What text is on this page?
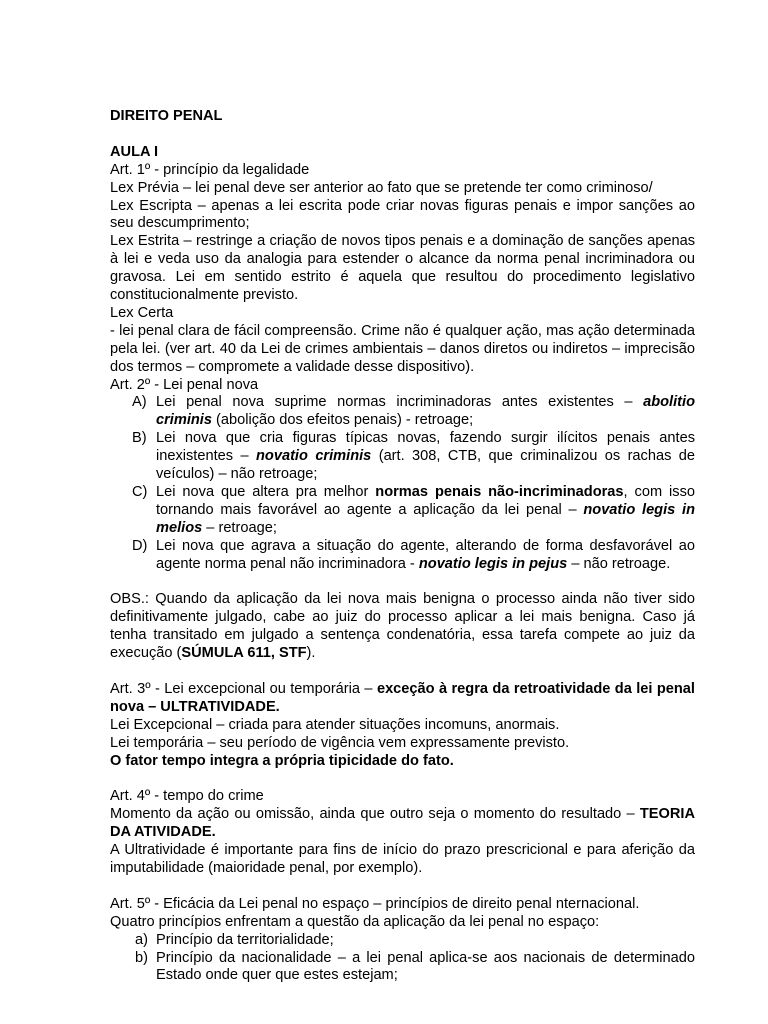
DIREITO PENAL

AULA I

Art. 1º - princípio da legalidade

Lex Prévia – lei penal deve ser anterior ao fato que se pretende ter como criminoso/

Lex Escripta – apenas a lei escrita pode criar novas figuras penais e impor sanções ao seu descumprimento;

Lex Estrita – restringe a criação de novos tipos penais e a dominação de sanções apenas à lei e veda uso da analogia para estender o alcance da norma penal incriminadora ou gravosa. Lei em sentido estrito é aquela que resultou do procedimento legislativo constitucionalmente previsto.

Lex Certa

- lei penal clara de fácil compreensão. Crime não é qualquer ação, mas ação determinada pela lei. (ver art. 40 da Lei de crimes ambientais – danos diretos ou indiretos – imprecisão dos termos – compromete a validade desse dispositivo).

Art. 2º - Lei penal nova

A) Lei penal nova suprime normas incriminadoras antes existentes – abolitio criminis (abolição dos efeitos penais) - retroage;
B) Lei nova que cria figuras típicas novas, fazendo surgir ilícitos penais antes inexistentes – novatio criminis (art. 308, CTB, que criminalizou os rachas de veículos) – não retroage;
C) Lei nova que altera pra melhor normas penais não-incriminadoras, com isso tornando mais favorável ao agente a aplicação da lei penal – novatio legis in melios – retroage;
D) Lei nova que agrava a situação do agente, alterando de forma desfavorável ao agente norma penal não incriminadora - novatio legis in pejus – não retroage.

OBS.: Quando da aplicação da lei nova mais benigna o processo ainda não tiver sido definitivamente julgado, cabe ao juiz do processo aplicar a lei mais benigna. Caso já tenha transitado em julgado a sentença condenatória, essa tarefa compete ao juiz da execução (SÚMULA 611, STF).

Art. 3º - Lei excepcional ou temporária – exceção à regra da retroatividade da lei penal nova – ULTRATIVIDADE.

Lei Excepcional – criada para atender situações incomuns, anormais.

Lei temporária – seu período de vigência vem expressamente previsto.

O fator tempo integra a própria tipicidade do fato.

Art. 4º - tempo do crime

Momento da ação ou omissão, ainda que outro seja o momento do resultado – TEORIA DA ATIVIDADE.

A Ultratividade é importante para fins de início do prazo prescricional e para aferição da imputabilidade (maioridade penal, por exemplo).

Art. 5º - Eficácia da Lei penal no espaço – princípios de direito penal nternacional.

Quatro princípios enfrentam a questão da aplicação da lei penal no espaço:

a) Princípio da territorialidade;
b) Princípio da nacionalidade – a lei penal aplica-se aos nacionais de determinado Estado onde quer que estes estejam;
